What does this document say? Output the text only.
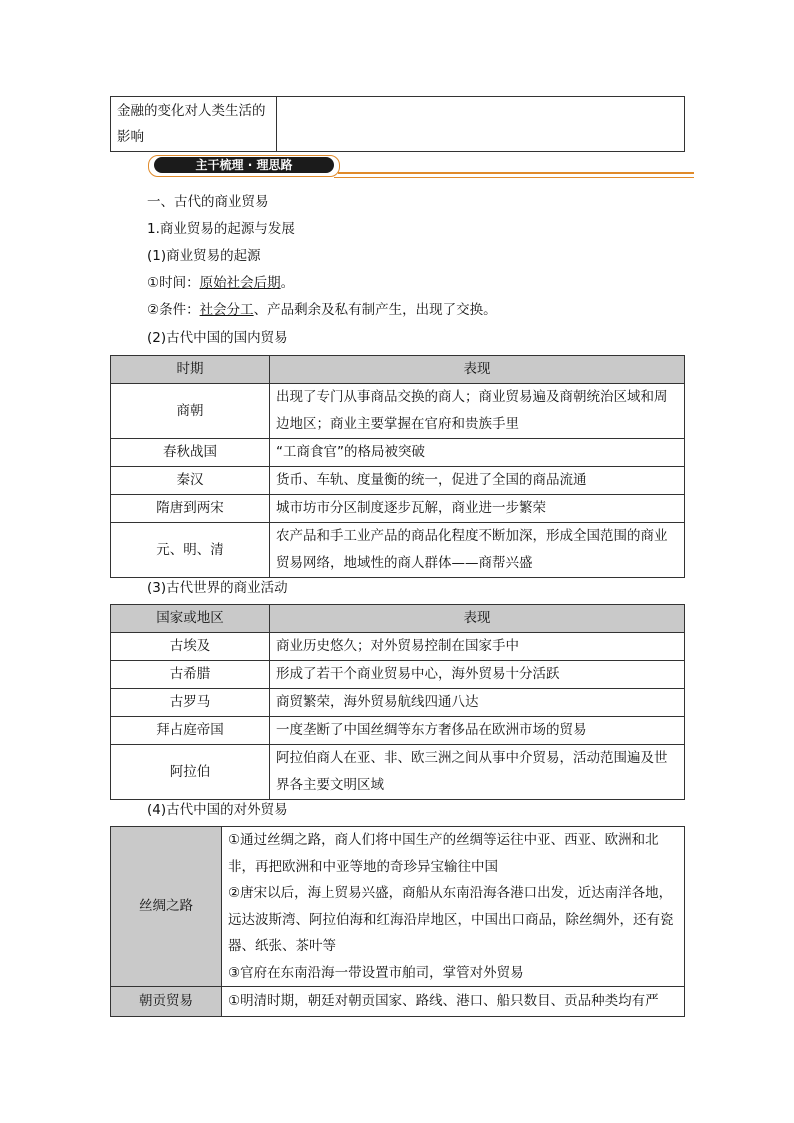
金融的变化对人类生活的影响	
主干梳理 · 理思路
一、古代的商业贸易
1.商业贸易的起源与发展
(1)商业贸易的起源
①时间：原始社会后期。
②条件：社会分工、产品剩余及私有制产生，出现了交换。
(2)古代中国的国内贸易
时期	表现
商朝	出现了专门从事商品交换的商人；商业贸易遍及商朝统治区域和周边地区；商业主要掌握在官府和贵族手里
春秋战国	“工商食官”的格局被突破
秦汉	货币、车轨、度量衡的统一，促进了全国的商品流通
隋唐到两宋	城市坊市分区制度逐步瓦解，商业进一步繁荣
元、明、清	农产品和手工业产品的商品化程度不断加深，形成全国范围的商业贸易网络，地域性的商人群体——商帮兴盛
(3)古代世界的商业活动
国家或地区	表现
古埃及	商业历史悠久；对外贸易控制在国家手中
古希腊	形成了若干个商业贸易中心，海外贸易十分活跃
古罗马	商贸繁荣，海外贸易航线四通八达
拜占庭帝国	一度垄断了中国丝绸等东方奢侈品在欧洲市场的贸易
阿拉伯	阿拉伯商人在亚、非、欧三洲之间从事中介贸易，活动范围遍及世界各主要文明区域
(4)古代中国的对外贸易
丝绸之路	①通过丝绸之路，商人们将中国生产的丝绸等运往中亚、西亚、欧洲和北非，再把欧洲和中亚等地的奇珍异宝输往中国
②唐宋以后，海上贸易兴盛，商船从东南沿海各港口出发，近达南洋各地，远达波斯湾、阿拉伯海和红海沿岸地区，中国出口商品，除丝绸外，还有瓷器、纸张、茶叶等
③官府在东南沿海一带设置市舶司，掌管对外贸易

朝贡贸易	①明清时期，朝廷对朝贡国家、路线、港口、船只数目、贡品种类均有严
